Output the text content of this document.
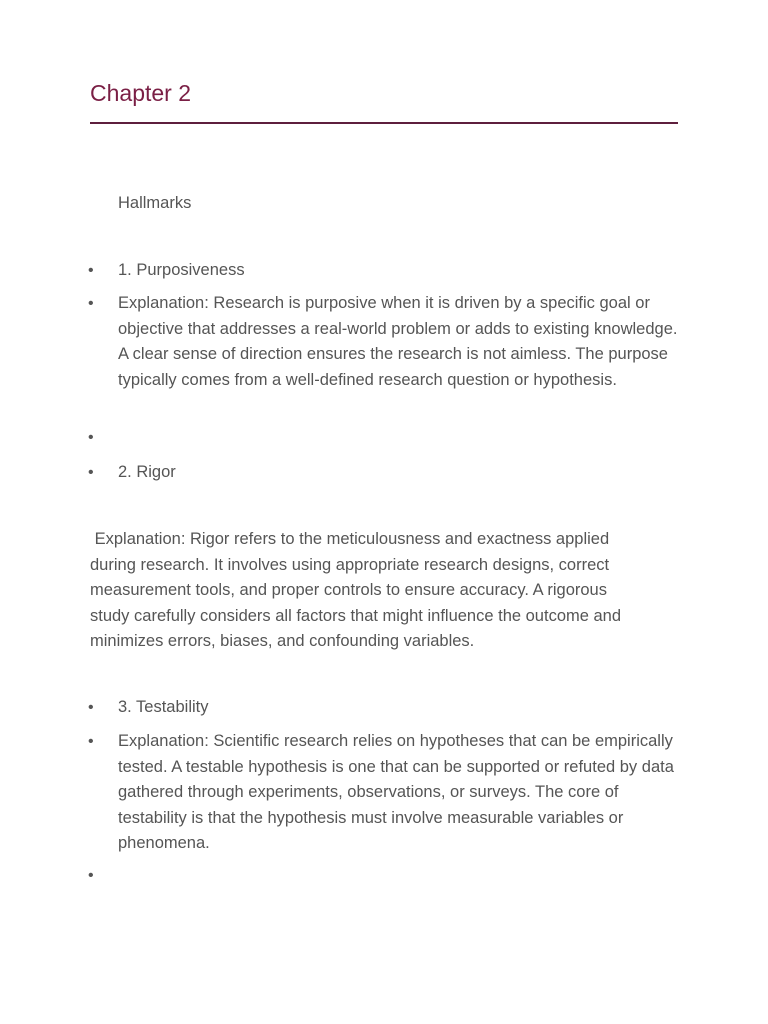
Chapter 2
Hallmarks
• 1. Purposiveness
• Explanation: Research is purposive when it is driven by a specific goal or objective that addresses a real-world problem or adds to existing knowledge. A clear sense of direction ensures the research is not aimless. The purpose typically comes from a well-defined research question or hypothesis.
•
• 2. Rigor
Explanation: Rigor refers to the meticulousness and exactness applied during research. It involves using appropriate research designs, correct measurement tools, and proper controls to ensure accuracy. A rigorous study carefully considers all factors that might influence the outcome and minimizes errors, biases, and confounding variables.
• 3. Testability
• Explanation: Scientific research relies on hypotheses that can be empirically tested. A testable hypothesis is one that can be supported or refuted by data gathered through experiments, observations, or surveys. The core of testability is that the hypothesis must involve measurable variables or phenomena.
•
